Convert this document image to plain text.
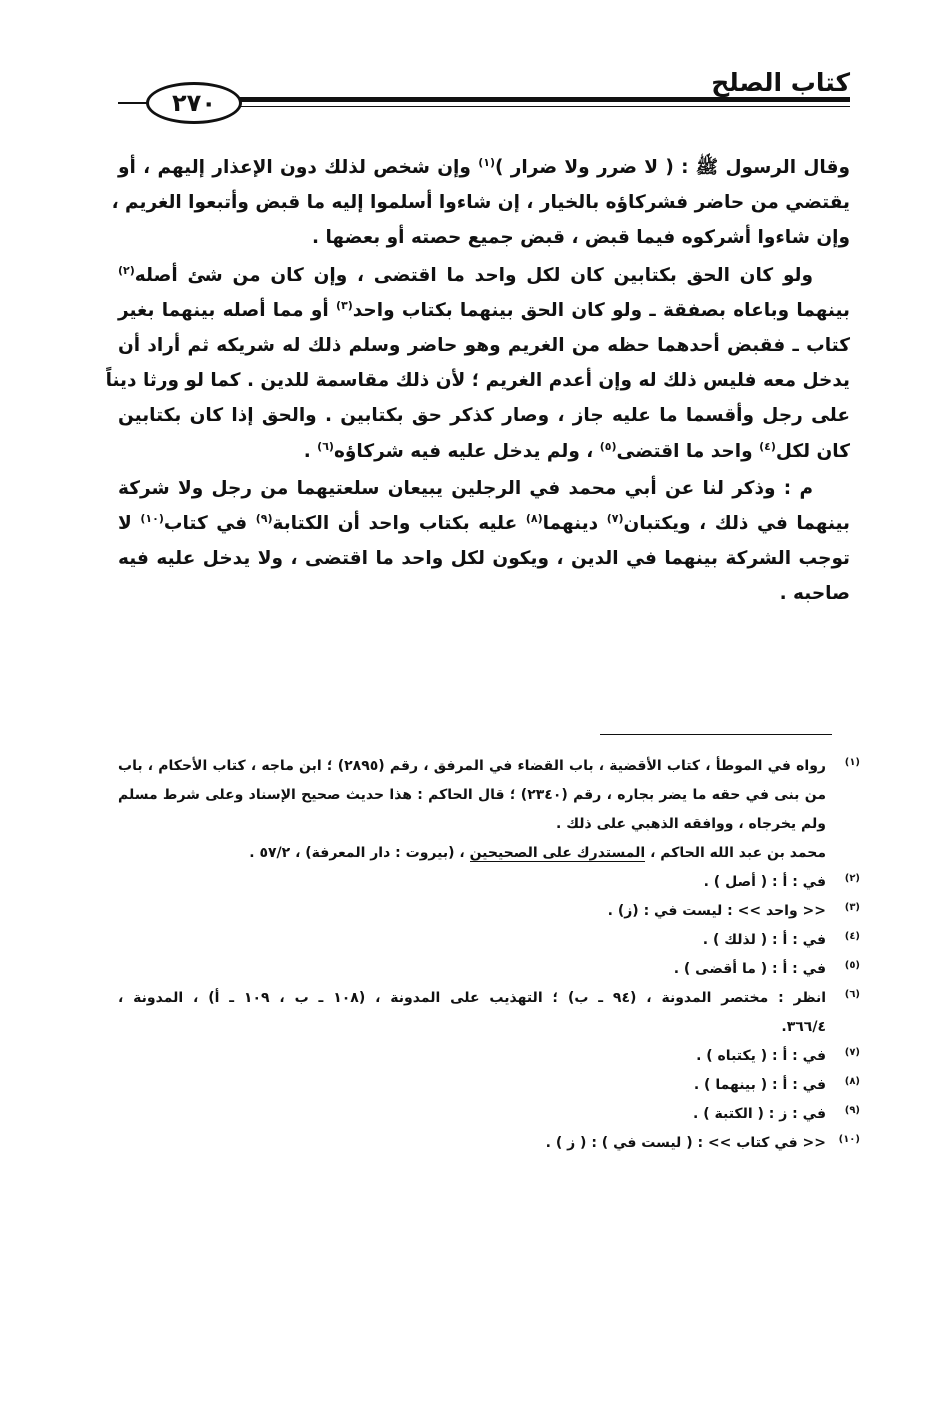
كتاب الصلح
٢٧٠
وقال الرسول ﷺ : ( لا ضرر ولا ضرار )$^{(١)}$ وإن شخص لذلك دون الإعذار إليهم ، أو
يقتضي من حاضر فشركاؤه بالخيار ، إن شاءوا أسلموا إليه ما قبض وأتبعوا الغريم ،
وإن شاءوا أشركوه فيما قبض ، قبض جميع حصته أو بعضها .
  ولو كان الحق بكتابين كان لكل واحد ما اقتضى ، وإن كان من شئ أصله$^{(٢)}$
بينهما وباعاه بصفقة ـ ولو كان الحق بينهما بكتاب واحد$^{(٣)}$ أو مما أصله بينهما بغير
كتاب ـ فقبض أحدهما حظه من الغريم وهو حاضر وسلم ذلك له شريكه ثم أراد أن
يدخل معه فليس ذلك له وإن أعدم الغريم ؛ لأن ذلك مقاسمة للدين . كما لو ورثا ديناً
على رجل وأقسما ما عليه جاز ، وصار كذكر حق بكتابين . والحق إذا كان بكتابين
كان لكل$^{(٤)}$ واحد ما اقتضى$^{(٥)}$ ، ولم يدخل عليه فيه شركاؤه$^{(٦)}$ .
  م : وذكر لنا عن أبي محمد في الرجلين يبيعان سلعتيهما من رجل ولا شركة
بينهما في ذلك ، ويكتبان$^{(٧)}$ دينهما$^{(٨)}$ عليه بكتاب واحد أن الكتابة$^{(٩)}$ في كتاب$^{(١٠)}$ لا
توجب الشركة بينهما في الدين ، ويكون لكل واحد ما اقتضى ، ولا يدخل عليه فيه
صاحبه .
(١)
رواه في الموطأ ، كتاب الأقضية ، باب القضاء في المرفق ، رقم (٢٨٩٥) ؛ ابن ماجه ، كتاب الأحكام ، باب
من بنى في حقه ما يضر بجاره ، رقم (٢٣٤٠) ؛ قال الحاكم : هذا حديث صحيح الإسناد وعلى شرط مسلم
ولم يخرجاه ، ووافقه الذهبي على ذلك .
محمد بن عبد الله الحاكم ، المستدرك على الصحيحين ، (بيروت : دار المعرفة) ، ٥٧/٢ .
(٢)
في : أ : ( أصل ) .
(٣)
<< واحد >> : ليست في : (ز) .
(٤)
في : أ : ( لذلك ) .
(٥)
في : أ : ( ما أقضى ) .
(٦)
انظر : مختصر المدونة ، (٩٤ ـ ب) ؛ التهذيب على المدونة ، (١٠٨ ـ ب ، ١٠٩ ـ أ) ، المدونة ،
٣٦٦/٤.
(٧)
في : أ : ( يكتباه ) .
(٨)
في : أ : ( بينهما ) .
(٩)
في : ز : ( الكتبة ) .
(١٠)
<< في كتاب >> : ( ليست في ) : ( ز ) .
